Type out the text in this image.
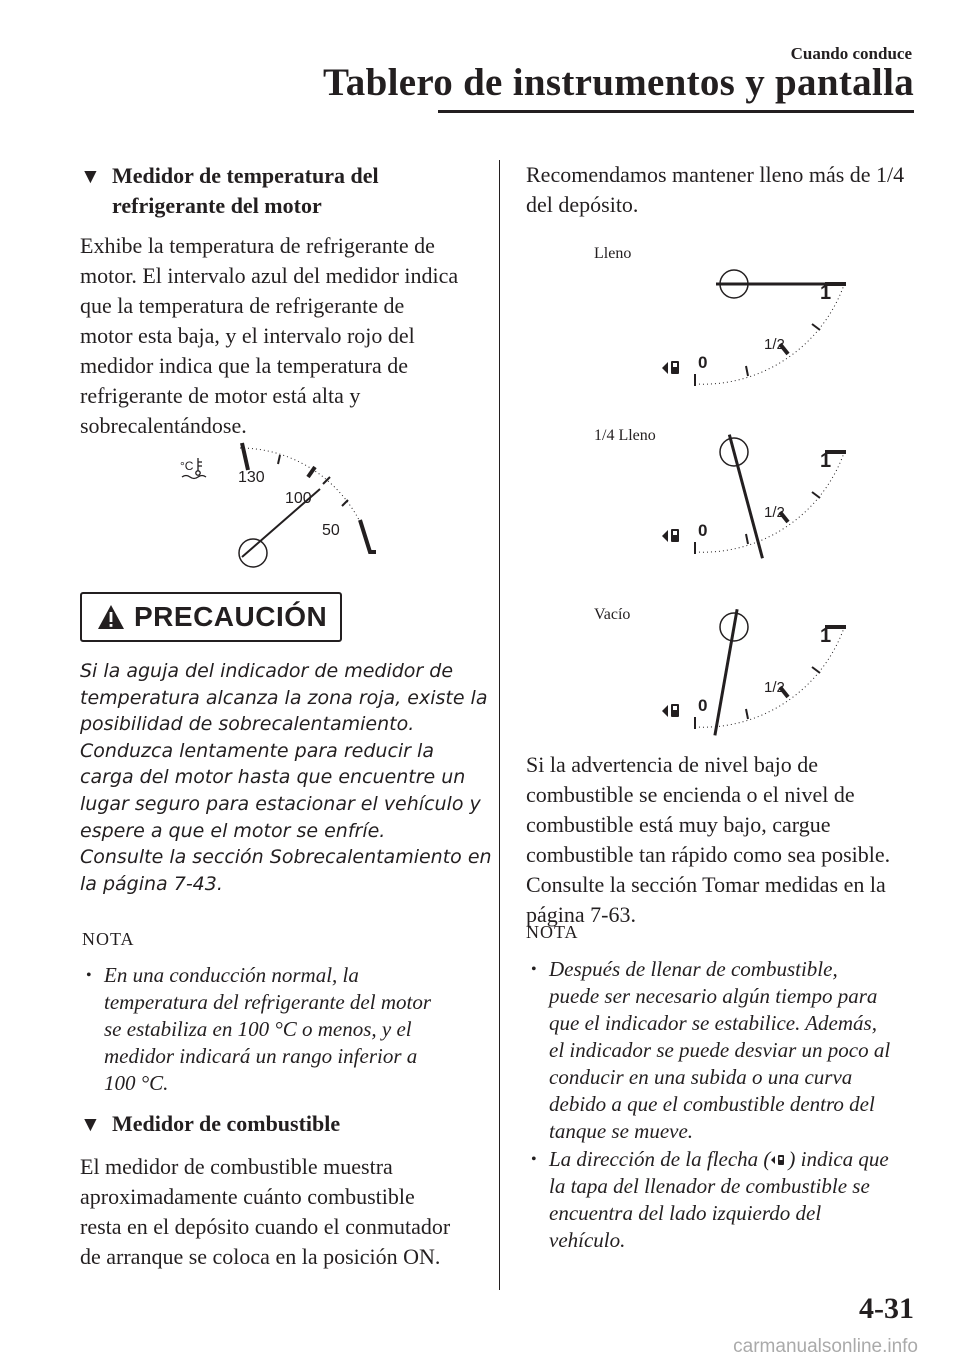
Cuando conduce
Tablero de instrumentos y pantalla
▼ Medidor de temperatura del
refrigerante del motor
Exhibe la temperatura de refrigerante de
motor. El intervalo azul del medidor indica
que la temperatura de refrigerante de
motor esta baja, y el intervalo rojo del
medidor indica que la temperatura de
refrigerante de motor está alta y
sobrecalentándose.
130
100
50
°C
PRECAUCIÓN
Si la aguja del indicador de medidor de
temperatura alcanza la zona roja, existe la
posibilidad de sobrecalentamiento.
Conduzca lentamente para reducir la
carga del motor hasta que encuentre un
lugar seguro para estacionar el vehículo y
espere a que el motor se enfríe.
Consulte la sección Sobrecalentamiento en
la página 7-43.
NOTA
• En una conducción normal, la
temperatura del refrigerante del motor
se estabiliza en 100 °C o menos, y el
medidor indicará un rango inferior a
100 °C.
▼ Medidor de combustible
El medidor de combustible muestra
aproximadamente cuánto combustible
resta en el depósito cuando el conmutador
de arranque se coloca en la posición ON.
Recomendamos mantener lleno más de 1/4
del depósito.
Lleno
0
1/2
1
1/4 Lleno
0
1/2
1
Vacío
0
1/2
1
Si la advertencia de nivel bajo de
combustible se encienda o el nivel de
combustible está muy bajo, cargue
combustible tan rápido como sea posible.
Consulte la sección Tomar medidas en la
página 7-63.
NOTA
• Después de llenar de combustible,
puede ser necesario algún tiempo para
que el indicador se estabilice. Además,
el indicador se puede desviar un poco al
conducir en una subida o una curva
debido a que el combustible dentro del
tanque se mueve.
• La dirección de la flecha ( ) indica que
la tapa del llenador de combustible se
encuentra del lado izquierdo del
vehículo.
4-31
carmanualsonline.info
